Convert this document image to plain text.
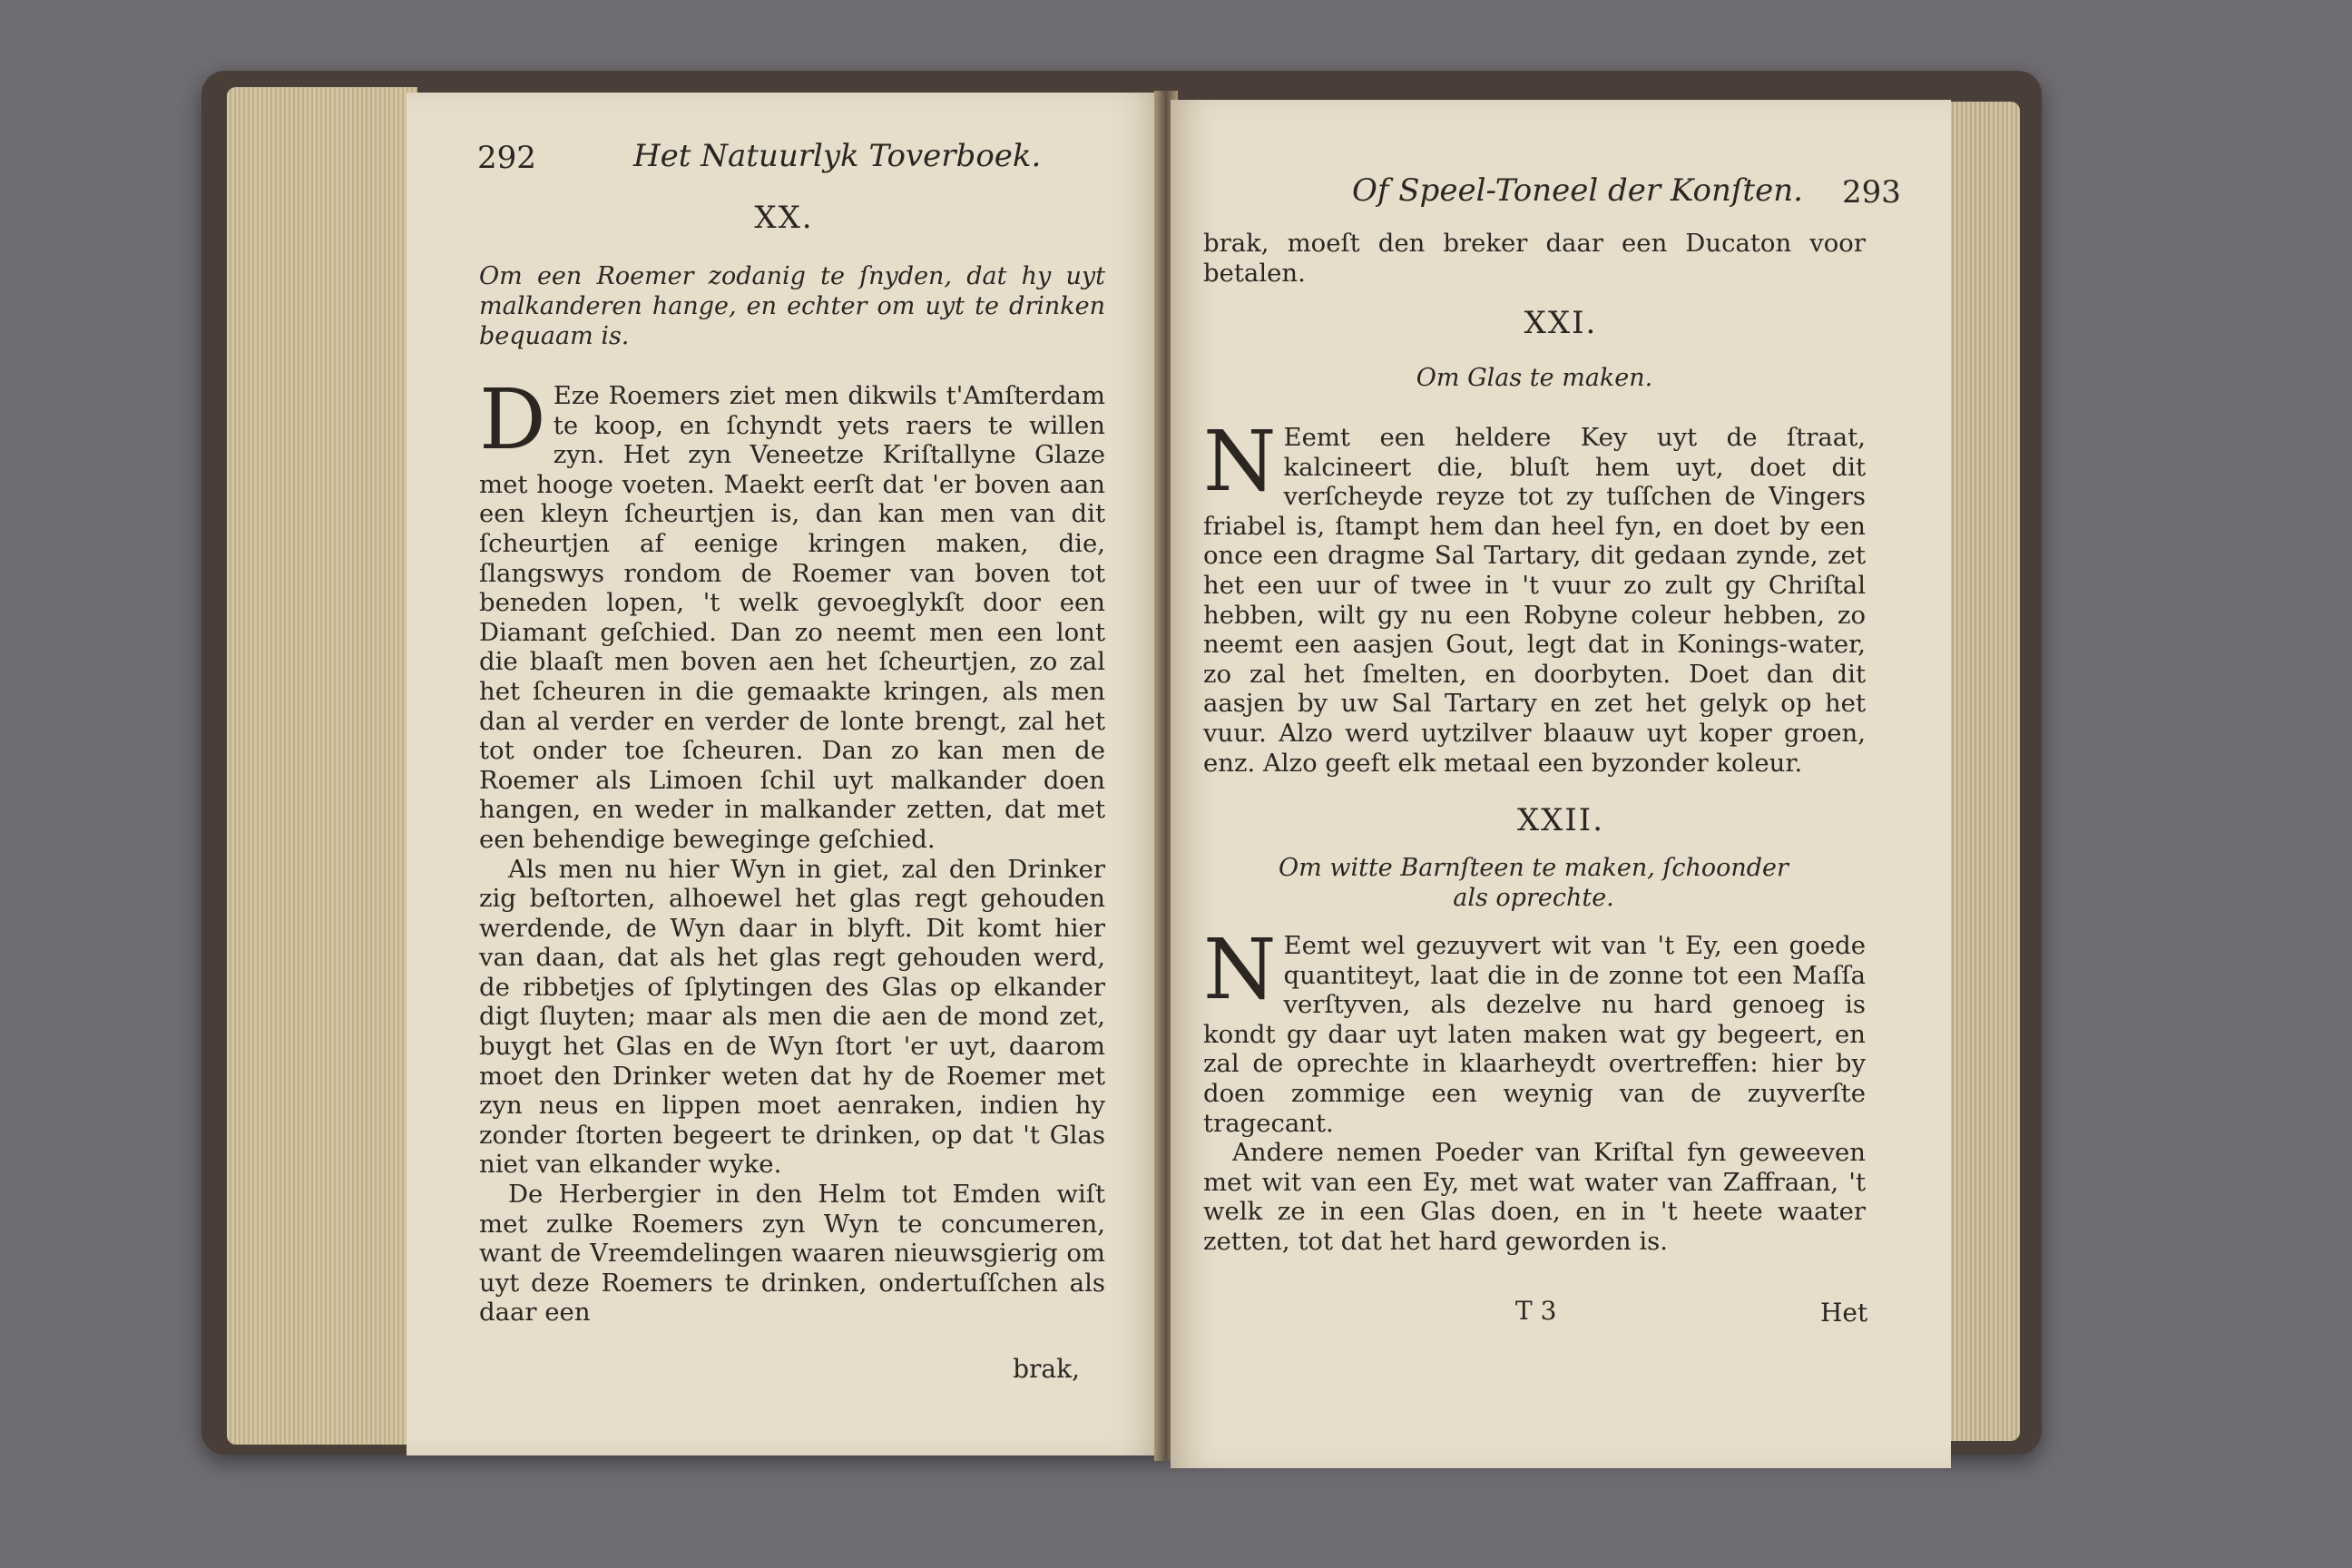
292	Het Natuurlyk Toverboek.
XX.
Om een Roemer zodanig te ſnyden, dat hy uyt malkanderen hange, en echter om uyt te drinken bequaam is.

D Eze Roemers ziet men dikwils t'Amſterdam te koop, en ſchyndt yets raers te willen zyn. Het zyn Veneetze Kriſtallyne Glaze met hooge voeten. Maekt eerſt dat 'er boven aan een kleyn ſcheurtjen is, dan kan men van dit ſcheurtjen af eenige kringen maken, die, ſlangswys rondom de Roemer van boven tot beneden lopen, 't welk gevoeglykſt door een Diamant geſchied. Dan zo neemt men een lont die blaaſt men boven aen het ſcheurtjen, zo zal het ſcheuren in die gemaakte kringen, als men dan al verder en verder de lonte brengt, zal het tot onder toe ſcheuren. Dan zo kan men de Roemer als Limoen ſchil uyt malkander doen hangen, en weder in malkander zetten, dat met een behendige beweginge geſchied.

Als men nu hier Wyn in giet, zal den Drinker zig beſtorten, alhoewel het glas regt gehouden werdende, de Wyn daar in blyft. Dit komt hier van daan, dat als het glas regt gehouden werd, de ribbetjes of ſplytingen des Glas op elkander digt ſluyten; maar als men die aen de mond zet, buygt het Glas en de Wyn ſtort 'er uyt, daarom moet den Drinker weten dat hy de Roemer met zyn neus en lippen moet aenraken, indien hy zonder ſtorten begeert te drinken, op dat 't Glas niet van elkander wyke.

De Herbergier in den Helm tot Emden wiſt met zulke Roemers zyn Wyn te concumeren, want de Vreemdelingen waaren nieuwsgierig om uyt deze Roemers te drinken, ondertuſſchen als daar een

brak,
Of Speel-Toneel der Konſten. 293
brak, moeſt den breker daar een Ducaton voor betalen.
XXI.
Om Glas te maken.

N Eemt een heldere Key uyt de ſtraat, kalcineert die, bluſt hem uyt, doet dit verſcheyde reyze tot zy tuſſchen de Vingers friabel is, ſtampt hem dan heel fyn, en doet by een once een dragme Sal Tartary, dit gedaan zynde, zet het een uur of twee in 't vuur zo zult gy Chriſtal hebben, wilt gy nu een Robyne coleur hebben, zo neemt een aasjen Gout, legt dat in Konings-water, zo zal het ſmelten, en doorbyten. Doet dan dit aasjen by uw Sal Tartary en zet het gelyk op het vuur. Alzo werd uytzilver blaauw uyt koper groen, enz. Alzo geeft elk metaal een byzonder koleur.

XXII.
Om witte Barnſteen te maken, ſchoonder als oprechte.

N Eemt wel gezuyvert wit van 't Ey, een goede quantiteyt, laat die in de zonne tot een Maſſa verſtyven, als dezelve nu hard genoeg is kondt gy daar uyt laten maken wat gy begeert, en zal de oprechte in klaarheydt overtreffen: hier by doen zommige een weynig van de zuyverſte tragecant.

Andere nemen Poeder van Kriſtal fyn geweeven met wit van een Ey, met wat water van Zaffraan, 't welk ze in een Glas doen, en in 't heete waater zetten, tot dat het hard geworden is.

T 3	Het
